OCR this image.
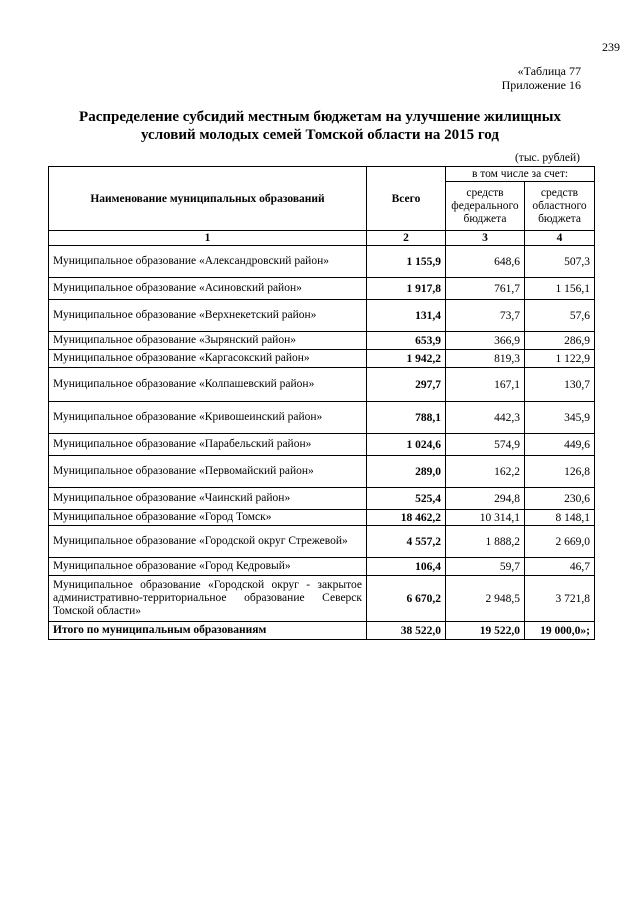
239
«Таблица 77
Приложение 16
Распределение субсидий местным бюджетам на улучшение жилищных
условий молодых семей Томской области на 2015 год
(тыс. рублей)
Наименование муниципальных образований	Всего	в том числе за счет:	
		средств федерального бюджета	средств областного бюджета
1	2	3	4
Муниципальное образование «Александровский район»	1 155,9	648,6	507,3
Муниципальное образование «Асиновский район»	1 917,8	761,7	1 156,1
Муниципальное образование «Верхнекетский район»	131,4	73,7	57,6
Муниципальное образование «Зырянский район»	653,9	366,9	286,9
Муниципальное образование «Каргасокский район»	1 942,2	819,3	1 122,9
Муниципальное образование «Колпашевский район»	297,7	167,1	130,7
Муниципальное образование «Кривошеинский район»	788,1	442,3	345,9
Муниципальное образование «Парабельский район»	1 024,6	574,9	449,6
Муниципальное образование «Первомайский район»	289,0	162,2	126,8
Муниципальное образование «Чаинский район»	525,4	294,8	230,6
Муниципальное образование «Город Томск»	18 462,2	10 314,1	8 148,1
Муниципальное образование «Городской округ Стрежевой»	4 557,2	1 888,2	2 669,0
Муниципальное образование «Город Кедровый»	106,4	59,7	46,7
Муниципальное образование «Городской округ - закрытое административно-территориальное образование Северск Томской области»	6 670,2	2 948,5	3 721,8
Итого по муниципальным образованиям	38 522,0	19 522,0	19 000,0»;
